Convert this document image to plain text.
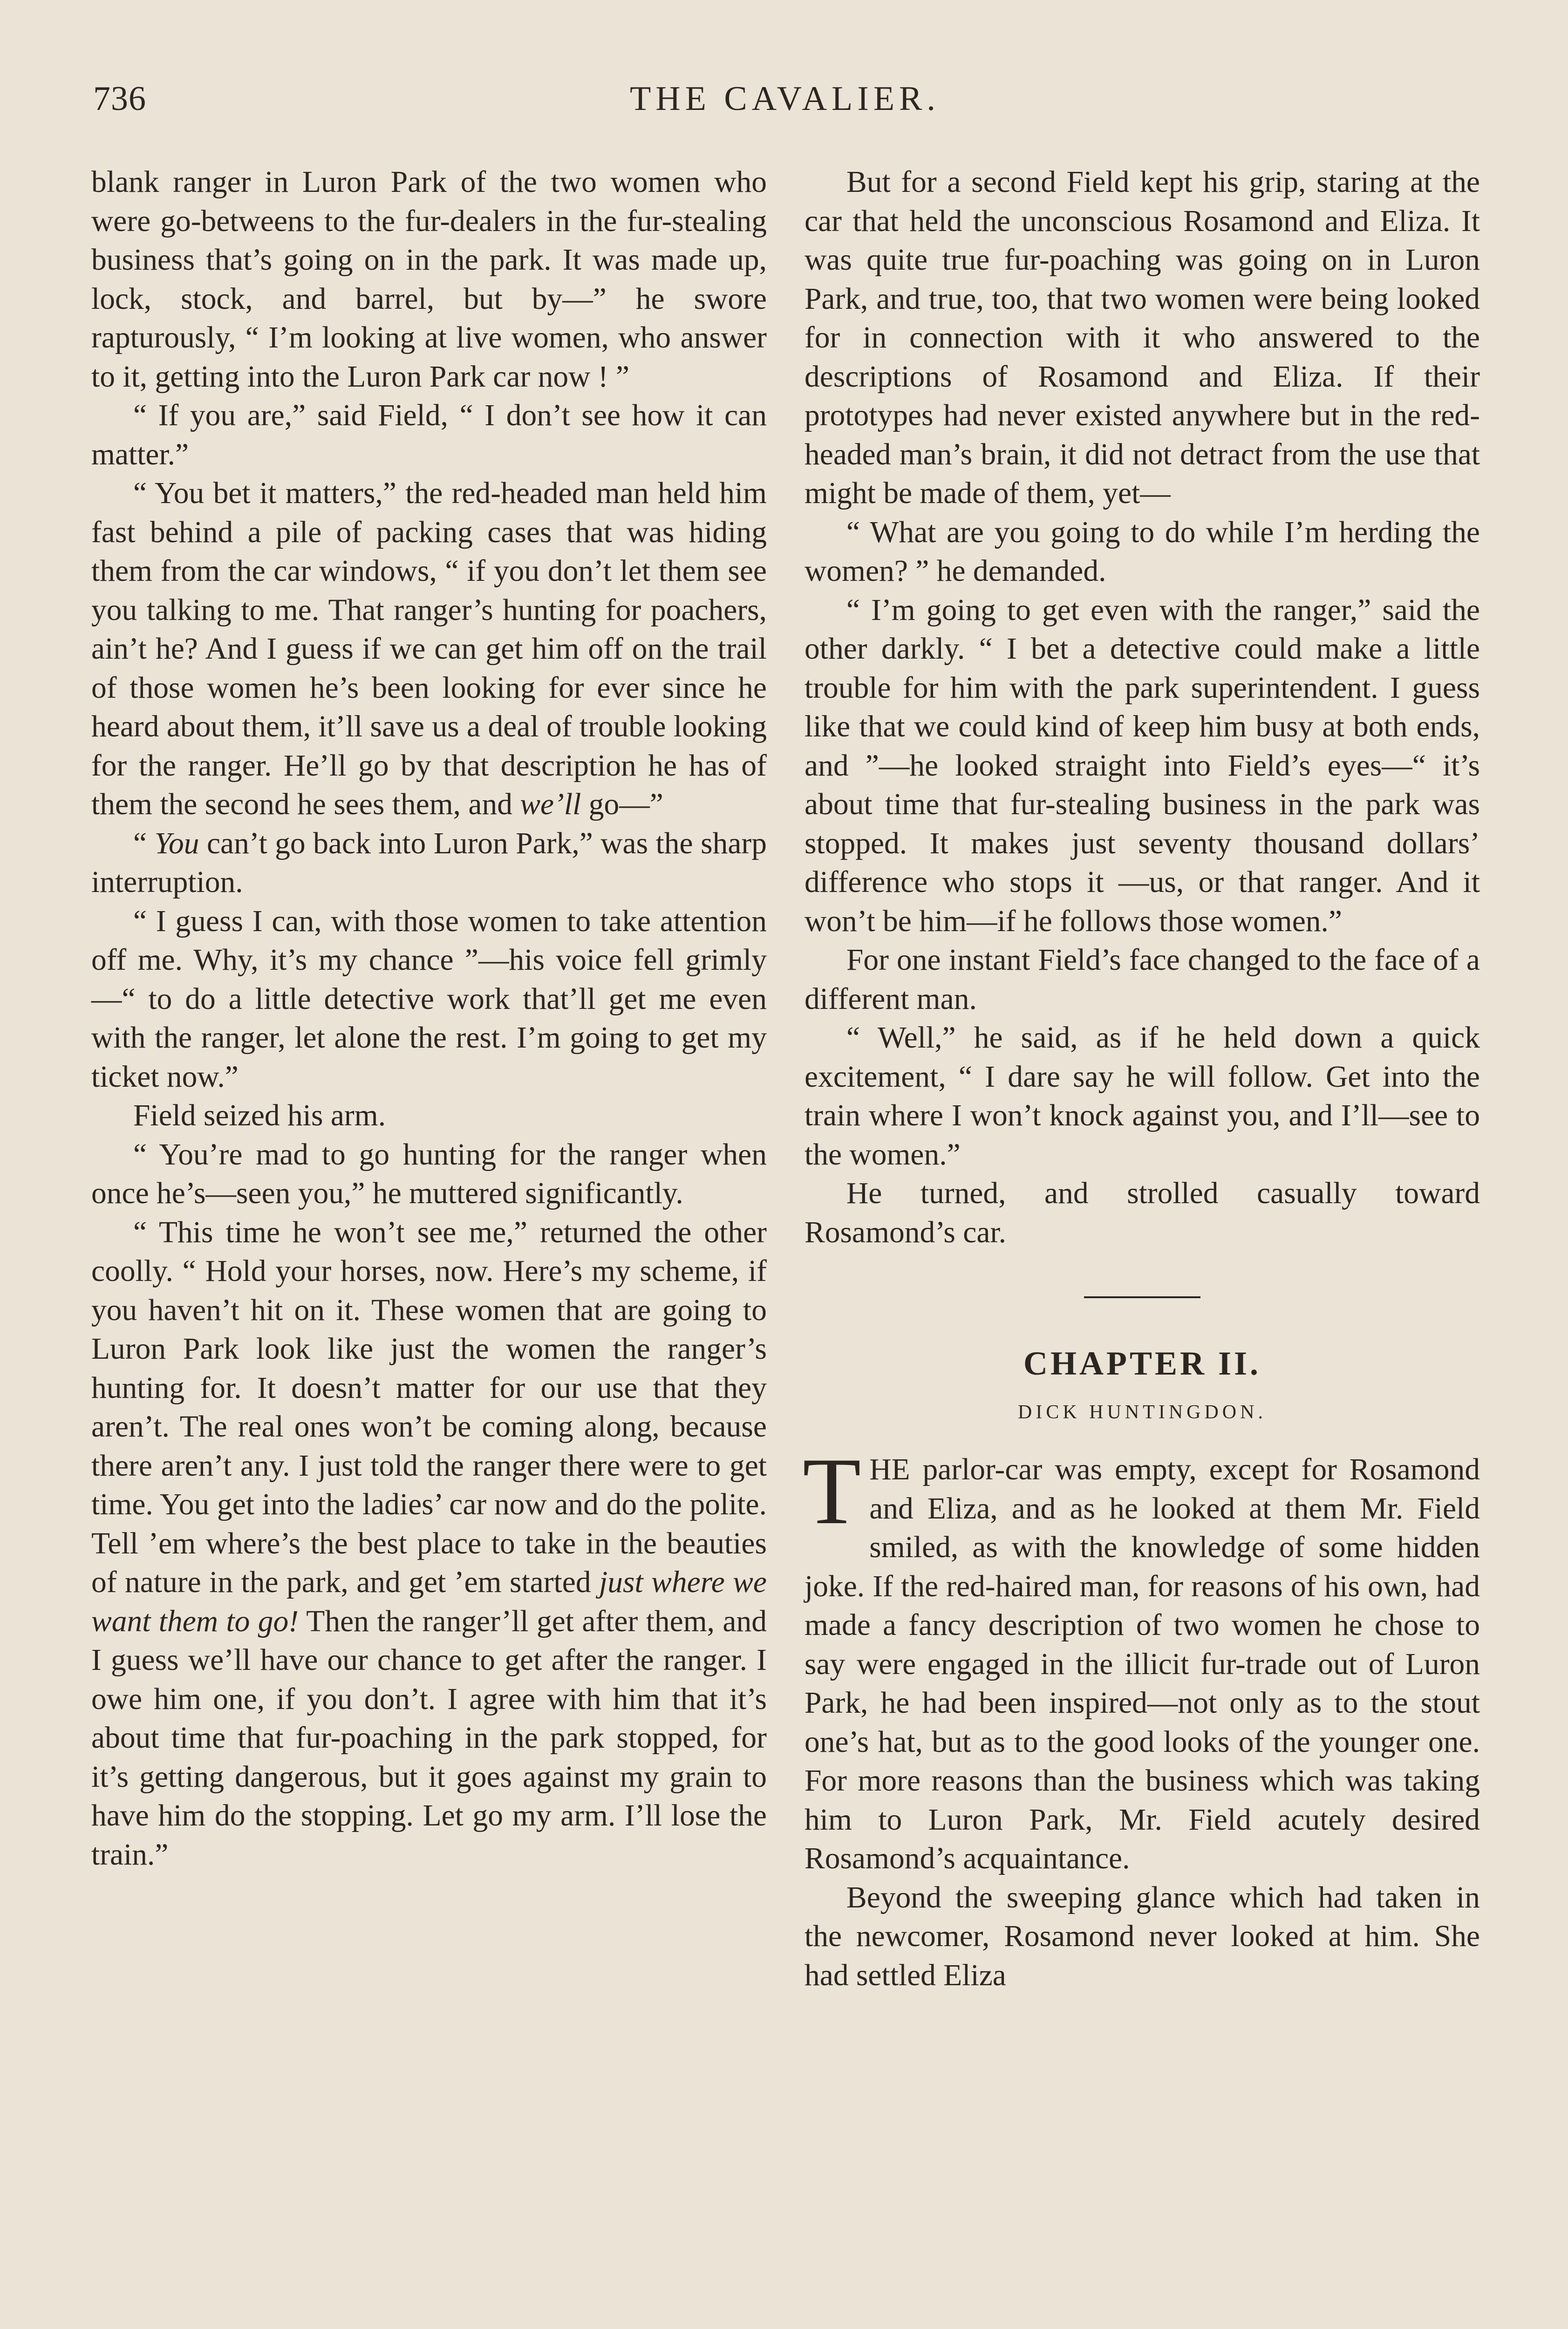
736	THE CAVALIER.

blank ranger in Luron Park of the two women who were go-betweens to the fur-dealers in the fur-stealing business that’s going on in the park. It was made up, lock, stock, and barrel, but by—” he swore rapturously, “ I’m looking at live women, who answer to it, getting into the Luron Park car now ! ”

“ If you are,” said Field, “ I don’t see how it can matter.”

“ You bet it matters,” the red-headed man held him fast behind a pile of packing cases that was hiding them from the car windows, “ if you don’t let them see you talking to me. That ranger’s hunting for poachers, ain’t he? And I guess if we can get him off on the trail of those women he’s been looking for ever since he heard about them, it’ll save us a deal of trouble looking for the ranger. He’ll go by that description he has of them the second he sees them, and we’ll go—”

“ You can’t go back into Luron Park,” was the sharp interruption.

“ I guess I can, with those women to take attention off me. Why, it’s my chance ”—his voice fell grimly—“ to do a little detective work that’ll get me even with the ranger, let alone the rest. I’m going to get my ticket now.”

Field seized his arm.

“ You’re mad to go hunting for the ranger when once he’s—seen you,” he muttered significantly.

“ This time he won’t see me,” returned the other coolly. “ Hold your horses, now. Here’s my scheme, if you haven’t hit on it. These women that are going to Luron Park look like just the women the ranger’s hunting for. It doesn’t matter for our use that they aren’t. The real ones won’t be coming along, because there aren’t any. I just told the ranger there were to get time. You get into the ladies’ car now and do the polite. Tell ’em where’s the best place to take in the beauties of nature in the park, and get ’em started just where we want them to go! Then the ranger’ll get after them, and I guess we’ll have our chance to get after the ranger. I owe him one, if you don’t. I agree with him that it’s about time that fur-poaching in the park stopped, for it’s getting dangerous, but it goes against my grain to have him do the stopping. Let go my arm. I’ll lose the train.”

But for a second Field kept his grip, staring at the car that held the unconscious Rosamond and Eliza. It was quite true fur-poaching was going on in Luron Park, and true, too, that two women were being looked for in connection with it who answered to the descriptions of Rosamond and Eliza. If their prototypes had never existed anywhere but in the red-headed man’s brain, it did not detract from the use that might be made of them, yet—

“ What are you going to do while I’m herding the women? ” he demanded.

“ I’m going to get even with the ranger,” said the other darkly. “ I bet a detective could make a little trouble for him with the park superintendent. I guess like that we could kind of keep him busy at both ends, and ”—he looked straight into Field’s eyes—“ it’s about time that fur-stealing business in the park was stopped. It makes just seventy thousand dollars’ difference who stops it —us, or that ranger. And it won’t be him—if he follows those women.”

For one instant Field’s face changed to the face of a different man.

“ Well,” he said, as if he held down a quick excitement, “ I dare say he will follow. Get into the train where I won’t knock against you, and I’ll—see to the women.”

He turned, and strolled casually toward Rosamond’s car.

CHAPTER II.
DICK HUNTINGDON.

THE parlor-car was empty, except for Rosamond and Eliza, and as he looked at them Mr. Field smiled, as with the knowledge of some hidden joke. If the red-haired man, for reasons of his own, had made a fancy description of two women he chose to say were engaged in the illicit fur-trade out of Luron Park, he had been inspired—not only as to the stout one’s hat, but as to the good looks of the younger one. For more reasons than the business which was taking him to Luron Park, Mr. Field acutely desired Rosamond’s acquaintance.

Beyond the sweeping glance which had taken in the newcomer, Rosamond never looked at him. She had settled Eliza
